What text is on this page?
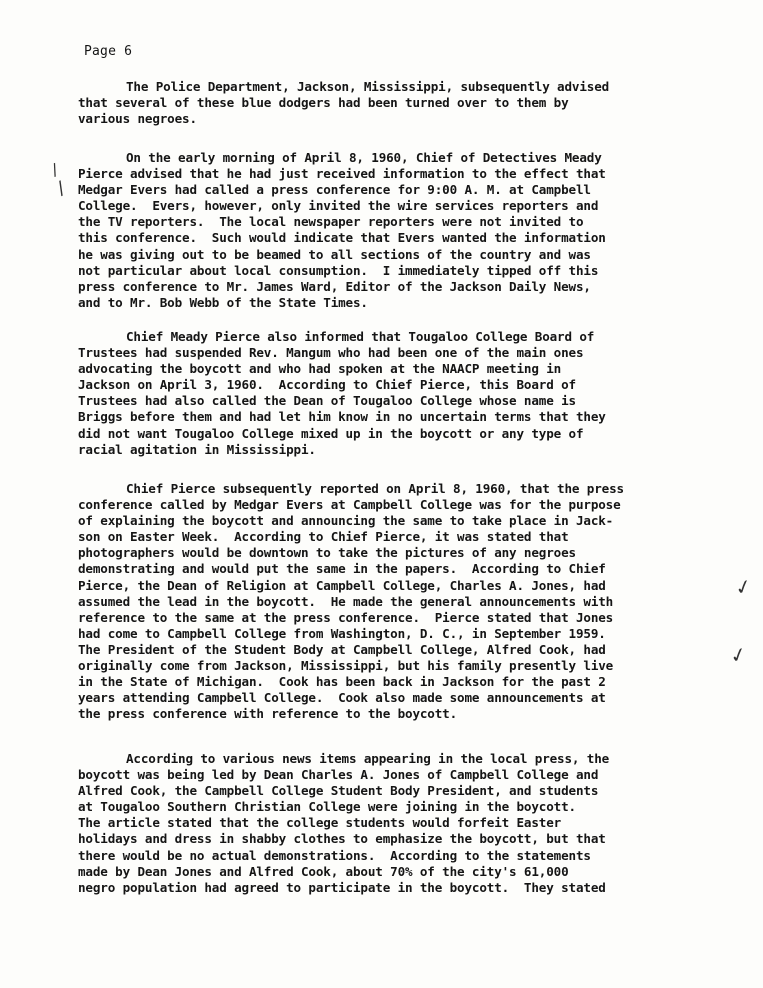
Page 6
The Police Department, Jackson, Mississippi, subsequently advised
that several of these blue dodgers had been turned over to them by
various negroes.
On the early morning of April 8, 1960, Chief of Detectives Meady
Pierce advised that he had just received information to the effect that
Medgar Evers had called a press conference for 9:00 A. M. at Campbell
College.  Evers, however, only invited the wire services reporters and
the TV reporters.  The local newspaper reporters were not invited to
this conference.  Such would indicate that Evers wanted the information
he was giving out to be beamed to all sections of the country and was
not particular about local consumption.  I immediately tipped off this
press conference to Mr. James Ward, Editor of the Jackson Daily News,
and to Mr. Bob Webb of the State Times.
Chief Meady Pierce also informed that Tougaloo College Board of
Trustees had suspended Rev. Mangum who had been one of the main ones
advocating the boycott and who had spoken at the NAACP meeting in
Jackson on April 3, 1960.  According to Chief Pierce, this Board of
Trustees had also called the Dean of Tougaloo College whose name is
Briggs before them and had let him know in no uncertain terms that they
did not want Tougaloo College mixed up in the boycott or any type of
racial agitation in Mississippi.
Chief Pierce subsequently reported on April 8, 1960, that the press
conference called by Medgar Evers at Campbell College was for the purpose
of explaining the boycott and announcing the same to take place in Jack-
son on Easter Week.  According to Chief Pierce, it was stated that
photographers would be downtown to take the pictures of any negroes
demonstrating and would put the same in the papers.  According to Chief
Pierce, the Dean of Religion at Campbell College, Charles A. Jones, had
assumed the lead in the boycott.  He made the general announcements with
reference to the same at the press conference.  Pierce stated that Jones
had come to Campbell College from Washington, D. C., in September 1959.
The President of the Student Body at Campbell College, Alfred Cook, had
originally come from Jackson, Mississippi, but his family presently live
in the State of Michigan.  Cook has been back in Jackson for the past 2
years attending Campbell College.  Cook also made some announcements at
the press conference with reference to the boycott.
According to various news items appearing in the local press, the
boycott was being led by Dean Charles A. Jones of Campbell College and
Alfred Cook, the Campbell College Student Body President, and students
at Tougaloo Southern Christian College were joining in the boycott.
The article stated that the college students would forfeit Easter
holidays and dress in shabby clothes to emphasize the boycott, but that
there would be no actual demonstrations.  According to the statements
made by Dean Jones and Alfred Cook, about 70% of the city's 61,000
negro population had agreed to participate in the boycott.  They stated
/
/
✓
✓
